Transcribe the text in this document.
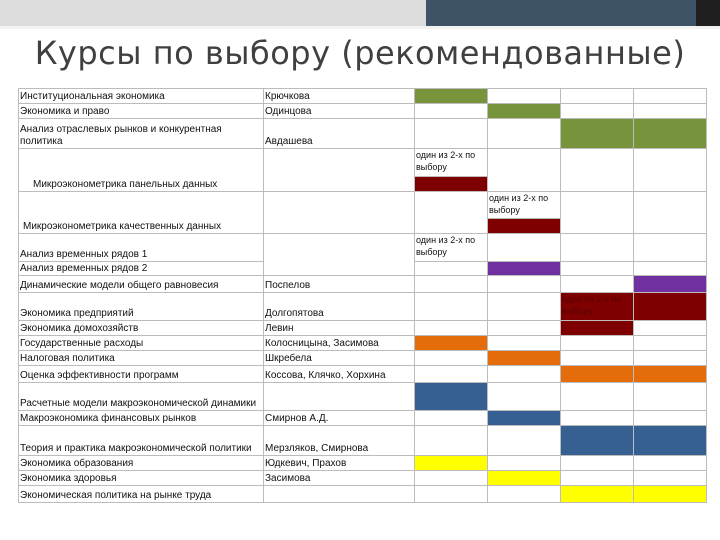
Курсы по выбору (рекомендованные)
Институциональная экономика	Крючкова				
Экономика и право	Одинцова				
Анализ отраслевых рынков и конкурентная политика	Авдашева				
Микроэконометрика панельных данных		один из 2-х по выбору			

Микроэконометрика качественных данных			один из 2-х по выбору		

Анализ временных рядов 1		один из 2-х по выбору			
Анализ временных рядов 2					
Динамические модели общего равновесия	Поспелов				
Экономика предприятий	Долгопятова			один из 2-х по выбору	
Экономика домохозяйств	Левин				
Государственные расходы	Колосницына, Засимова				
Налоговая политика	Шкребела				
Оценка эффективности программ	Коссова, Клячко, Хорхина				
Расчетные модели макроэкономической динамики					
Макроэкономика финансовых рынков	Смирнов А.Д.				
Теория и практика макроэкономической политики	Мерзляков, Смирнова				
Экономика образования	Юдкевич, Прахов				
Экономика здоровья	Засимова				
Экономическая политика на рынке труда					
